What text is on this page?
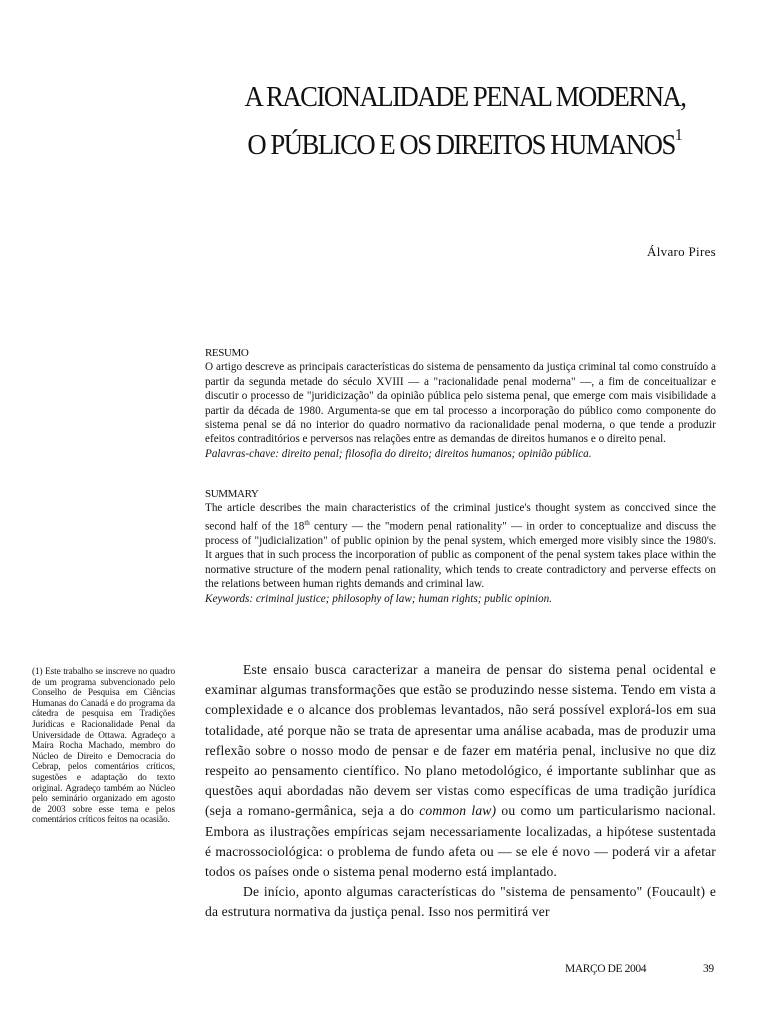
A RACIONALIDADE PENAL MODERNA,
O PÚBLICO E OS DIREITOS HUMANOS$^1$
Álvaro Pires
RESUMO
O artigo descreve as principais características do sistema de pensamento da justiça criminal tal como construído a partir da segunda metade do século XVIII — a "racionalidade penal moderna" —, a fim de conceitualizar e discutir o processo de "juridicização" da opinião pública pelo sistema penal, que emerge com mais visibilidade a partir da década de 1980. Argumenta-se que em tal processo a incorporação do público como componente do sistema penal se dá no interior do quadro normativo da racionalidade penal moderna, o que tende a produzir efeitos contraditórios e perversos nas relações entre as demandas de direitos humanos e o direito penal.
Palavras-chave: direito penal; filosofia do direito; direitos humanos; opinião pública.
SUMMARY
The article describes the main characteristics of the criminal justice's thought system as conccived since the second half of the 18th century — the "modern penal rationality" — in order to conceptualize and discuss the process of "judicialization" of public opinion by the penal system, which emerged more visibly since the 1980's. It argues that in such process the incorporation of public as component of the penal system takes place within the normative structure of the modern penal rationality, which tends to create contradictory and perverse effects on the relations between human rights demands and criminal law.
Keywords: criminal justice; philosophy of law; human rights; public opinion.
(1) Este trabalho se inscreve no quadro de um programa subvencionado pelo Conselho de Pesquisa em Ciências Humanas do Canadá e do programa da cátedra de pesquisa em Tradições Jurídicas e Racionalidade Penal da Universidade de Ottawa. Agradeço a Maíra Rocha Machado, membro do Núcleo de Direito e Democracia do Cebrap, pelos comentários críticos, sugestões e adaptação do texto original. Agradeço também ao Núcleo pelo seminário organizado em agosto de 2003 sobre esse tema e pelos comentários críticos feitos na ocasião.

Este ensaio busca caracterizar a maneira de pensar do sistema penal ocidental e examinar algumas transformações que estão se produzindo nesse sistema. Tendo em vista a complexidade e o alcance dos problemas levantados, não será possível explorá-los em sua totalidade, até porque não se trata de apresentar uma análise acabada, mas de produzir uma reflexão sobre o nosso modo de pensar e de fazer em matéria penal, inclusive no que diz respeito ao pensamento científico. No plano metodológico, é importante sublinhar que as questões aqui abordadas não devem ser vistas como específicas de uma tradição jurídica (seja a romano-germânica, seja a do common law) ou como um particularismo nacional. Embora as ilustrações empíricas sejam necessariamente localizadas, a hipótese sustentada é macrossociológica: o problema de fundo afeta ou — se ele é novo — poderá vir a afetar todos os países onde o sistema penal moderno está implantado.

De início, aponto algumas características do "sistema de pensamento" (Foucault) e da estrutura normativa da justiça penal. Isso nos permitirá ver

MARÇO DE 2004	39
